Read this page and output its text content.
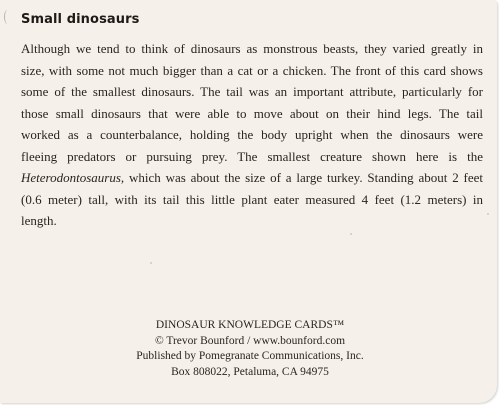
Small dinosaurs
Although we tend to think of dinosaurs as monstrous beasts, they varied greatly in
size, with some not much bigger than a cat or a chicken. The front of this card shows
some of the smallest dinosaurs. The tail was an important attribute, particularly for
those small dinosaurs that were able to move about on their hind legs. The tail
worked as a counterbalance, holding the body upright when the dinosaurs were
fleeing predators or pursuing prey. The smallest creature shown here is the
Heterodontosaurus, which was about the size of a large turkey. Standing about 2 feet
(0.6 meter) tall, with its tail this little plant eater measured 4 feet (1.2 meters) in
length.
DINOSAUR KNOWLEDGE CARDS™
© Trevor Bounford / www.bounford.com
Published by Pomegranate Communications, Inc.
Box 808022, Petaluma, CA 94975
